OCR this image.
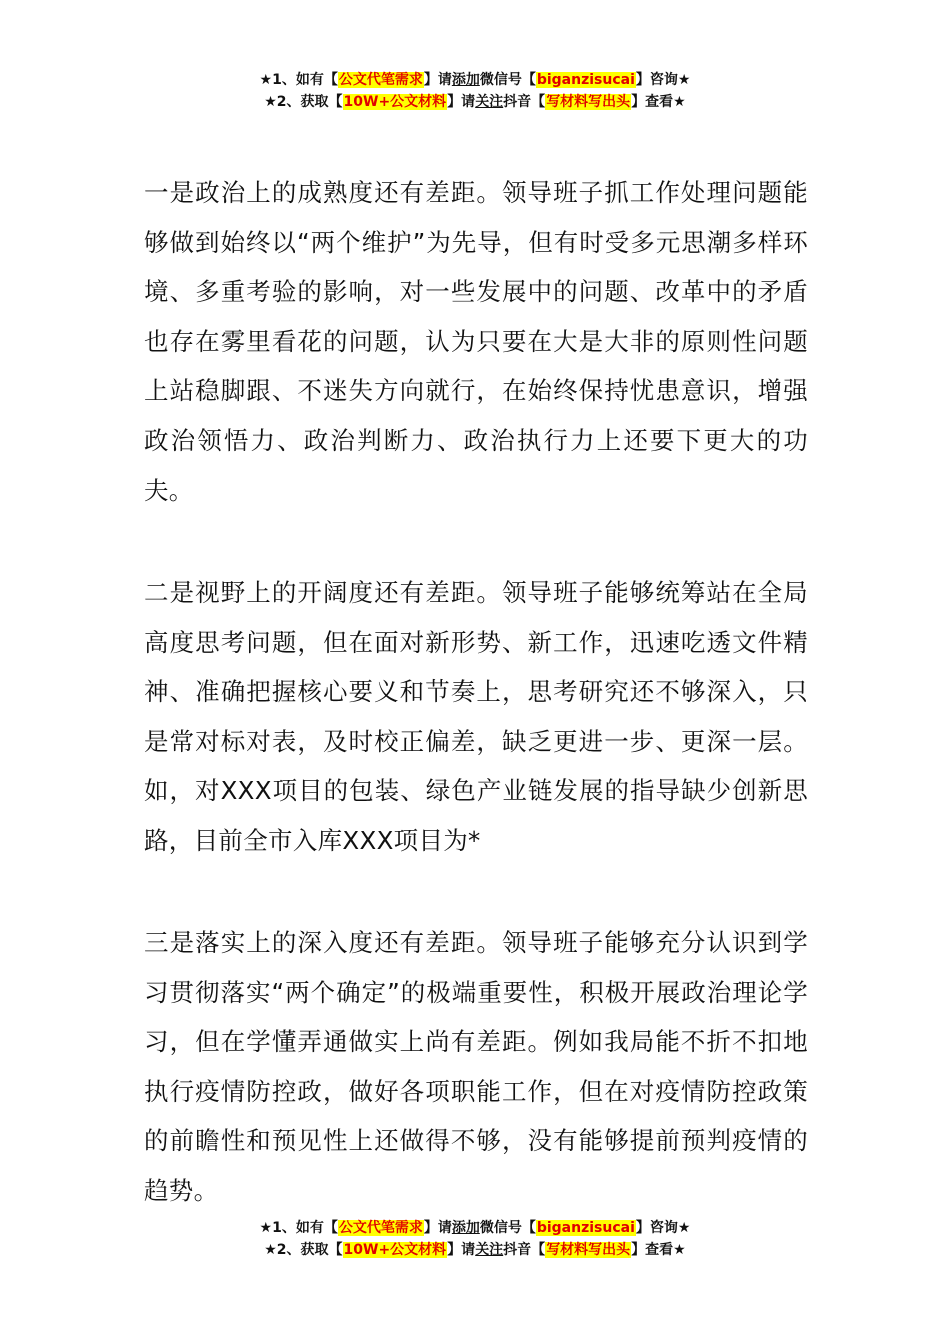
★1、如有【公文代笔需求】请添加微信号【biganzisucai】咨询★
★2、获取【10W+公文材料】请关注抖音【写材料写出头】查看★

一是政治上的成熟度还有差距。领导班子抓工作处理问题能够做到始终以“两个维护”为先导，但有时受多元思潮多样环境、多重考验的影响，对一些发展中的问题、改革中的矛盾也存在雾里看花的问题，认为只要在大是大非的原则性问题上站稳脚跟、不迷失方向就行，在始终保持忧患意识，增强政治领悟力、政治判断力、政治执行力上还要下更大的功夫。

二是视野上的开阔度还有差距。领导班子能够统筹站在全局高度思考问题，但在面对新形势、新工作，迅速吃透文件精神、准确把握核心要义和节奏上，思考研究还不够深入，只是常对标对表，及时校正偏差，缺乏更进一步、更深一层。如，对XXX项目的包装、绿色产业链发展的指导缺少创新思路，目前全市入库XXX项目为*

三是落实上的深入度还有差距。领导班子能够充分认识到学习贯彻落实“两个确定”的极端重要性，积极开展政治理论学习，但在学懂弄通做实上尚有差距。例如我局能不折不扣地执行疫情防控政，做好各项职能工作，但在对疫情防控政策的前瞻性和预见性上还做得不够，没有能够提前预判疫情的趋势。

★1、如有【公文代笔需求】请添加微信号【biganzisucai】咨询★
★2、获取【10W+公文材料】请关注抖音【写材料写出头】查看★
